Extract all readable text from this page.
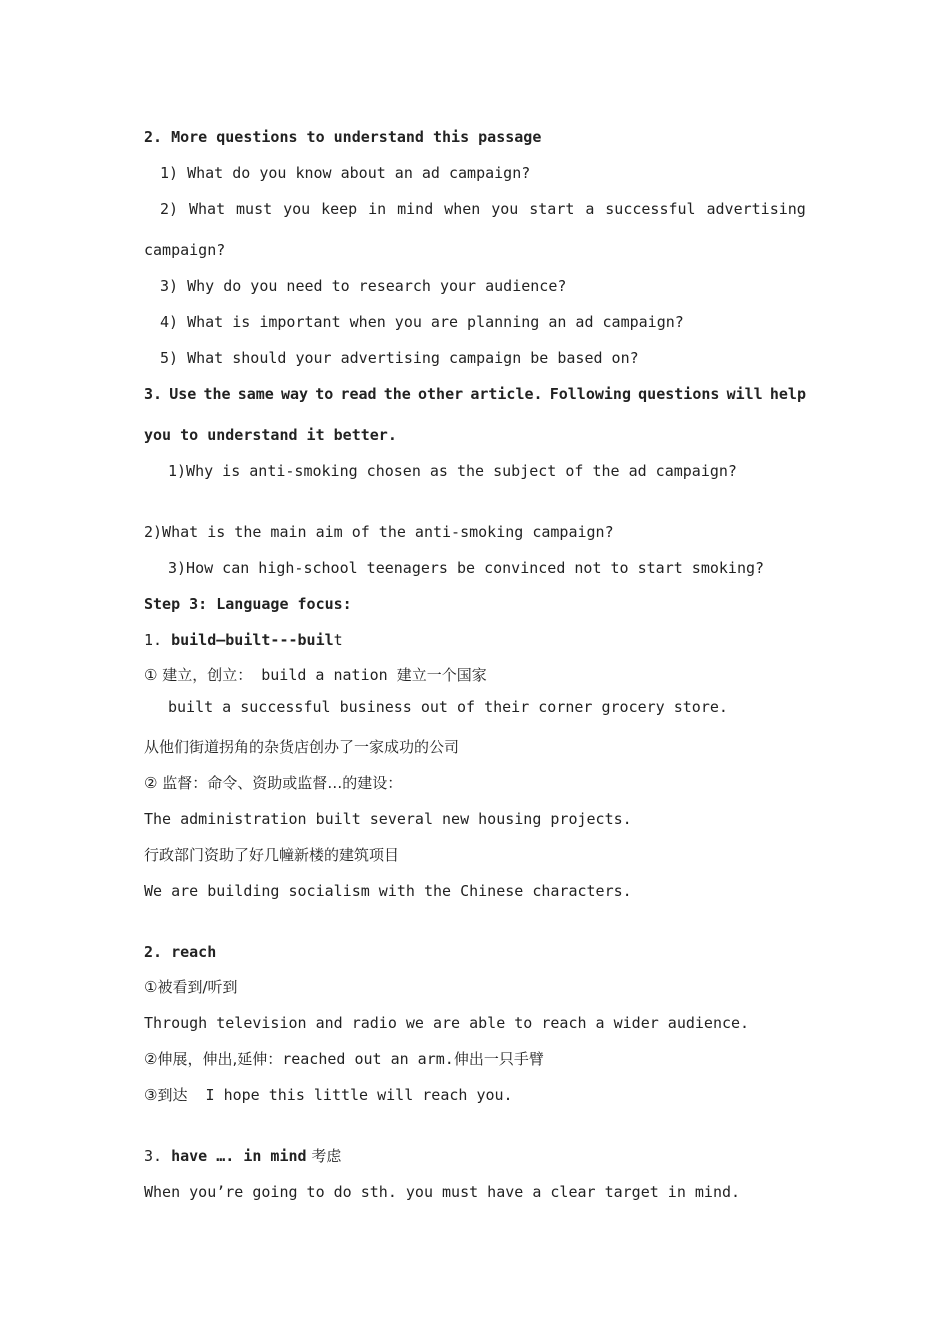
2. More questions to understand this passage
1) What do you know about an ad campaign?
2) What must you keep in mind when you start a successful advertising
campaign?
3) Why do you need to research your audience?
4) What is important when you are planning an ad campaign?
5) What should your advertising campaign be based on?
3. Use the same way to read the other article. Following questions will help
you to understand it better.
1)Why is anti-smoking chosen as the subject of the ad campaign?
2)What is the main aim of the anti-smoking campaign?
3)How can high-school teenagers be convinced not to start smoking?
Step 3: Language focus:
1. build—built---built
① 建立，创立： build a nation 建立一个国家
built a successful business out of their corner grocery store.
从他们街道拐角的杂货店创办了一家成功的公司
② 监督：命令、资助或监督…的建设：
The administration built several new housing projects.
行政部门资助了好几幢新楼的建筑项目
We are building socialism with the Chinese characters.
2. reach
①被看到/听到
Through television and radio we are able to reach a wider audience.
②伸展，伸出,延伸：reached out an arm.伸出一只手臂
③到达  I hope this little will reach you.
3. have …. in mind 考虑
When you’re going to do sth. you must have a clear target in mind.
